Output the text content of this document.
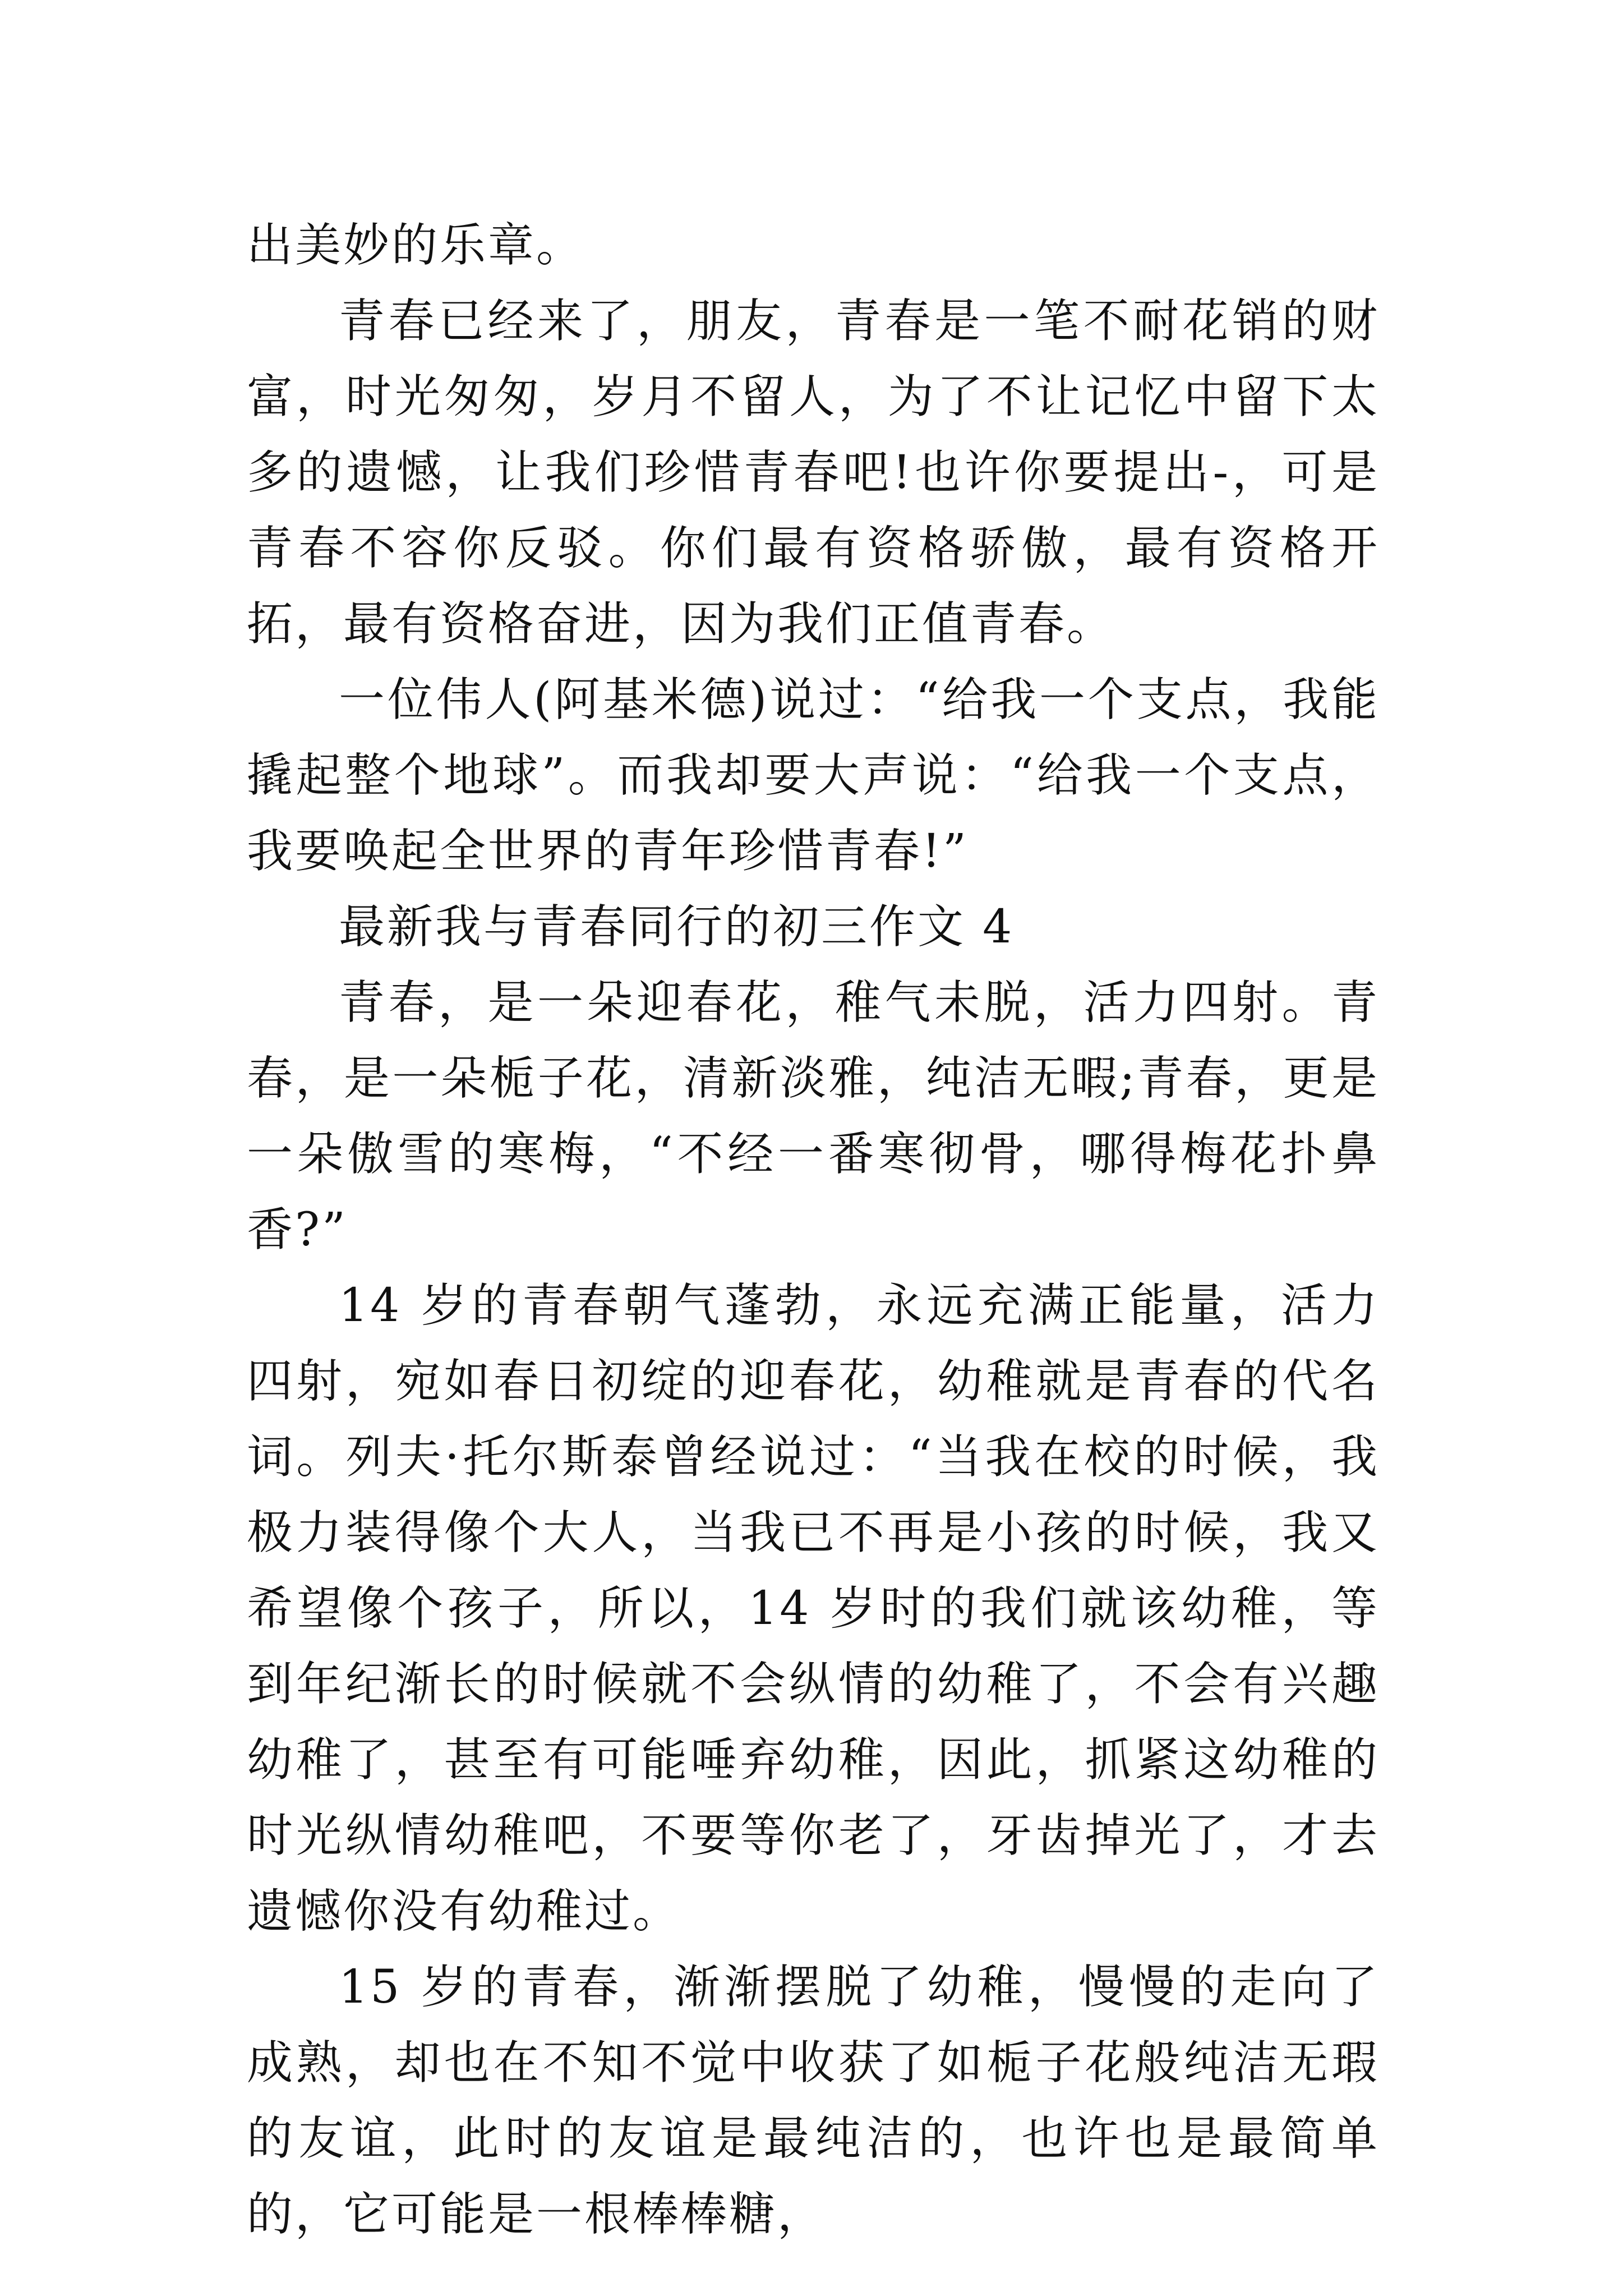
出美妙的乐章。

青春已经来了，朋友，青春是一笔不耐花销的财富，时光匆匆，岁月不留人，为了不让记忆中留下太多的遗憾，让我们珍惜青春吧!也许你要提出-，可是青春不容你反驳。你们最有资格骄傲，最有资格开拓，最有资格奋进，因为我们正值青春。

一位伟人(阿基米德)说过：“给我一个支点，我能撬起整个地球”。而我却要大声说：“给我一个支点，我要唤起全世界的青年珍惜青春!”

最新我与青春同行的初三作文 4

青春，是一朵迎春花，稚气未脱，活力四射。青春，是一朵栀子花，清新淡雅，纯洁无暇;青春，更是一朵傲雪的寒梅，“不经一番寒彻骨，哪得梅花扑鼻香?”

14 岁的青春朝气蓬勃，永远充满正能量，活力四射，宛如春日初绽的迎春花，幼稚就是青春的代名词。列夫·托尔斯泰曾经说过：“当我在校的时候，我极力装得像个大人，当我已不再是小孩的时候，我又希望像个孩子，所以，14 岁时的我们就该幼稚，等到年纪渐长的时候就不会纵情的幼稚了，不会有兴趣幼稚了，甚至有可能唾弃幼稚，因此，抓紧这幼稚的时光纵情幼稚吧，不要等你老了，牙齿掉光了，才去遗憾你没有幼稚过。

15 岁的青春，渐渐摆脱了幼稚，慢慢的走向了成熟，却也在不知不觉中收获了如栀子花般纯洁无瑕的友谊，此时的友谊是最纯洁的，也许也是最简单的，它可能是一根棒棒糖，
